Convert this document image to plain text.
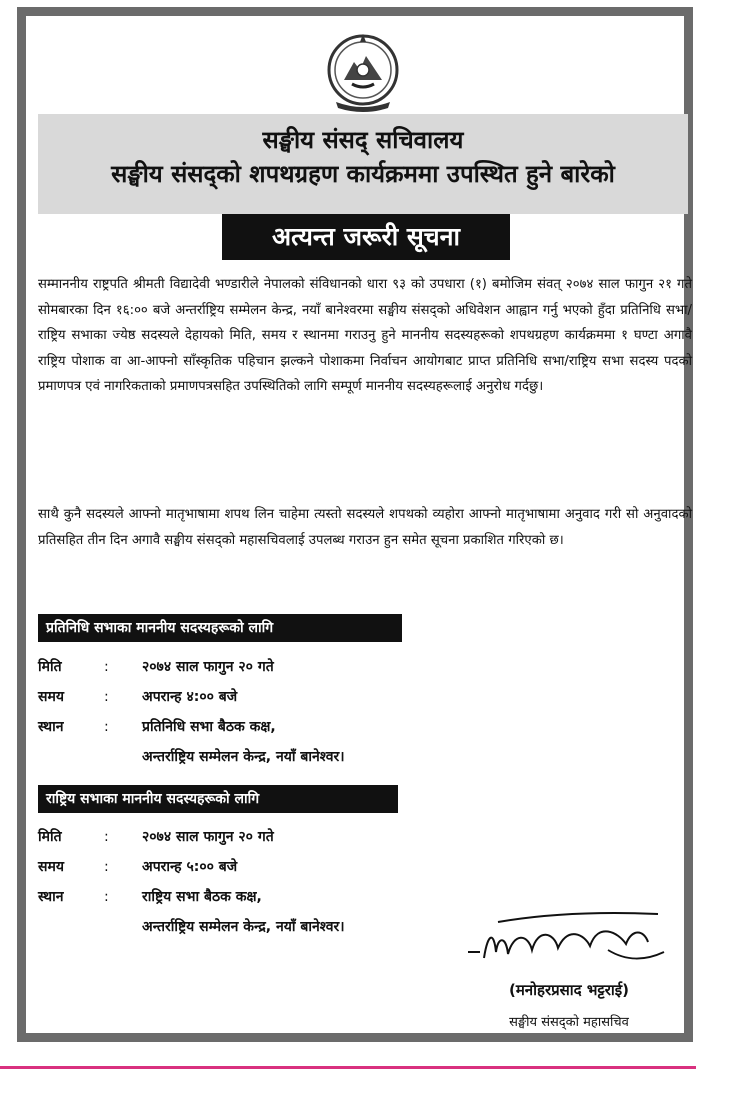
सङ्घीय संसद् सचिवालय
सङ्घीय संसद्को शपथग्रहण कार्यक्रममा उपस्थित हुने बारेको
अत्यन्त जरूरी सूचना

सम्माननीय राष्ट्रपति श्रीमती विद्यादेवी भण्डारीले नेपालको संविधानको धारा ९३ को उपधारा (१) बमोजिम संवत् २०७४ साल फागुन २१ गते सोमबारका दिन १६:०० बजे अन्तर्राष्ट्रिय सम्मेलन केन्द्र, नयाँ बानेश्वरमा सङ्घीय संसद्को अधिवेशन आह्वान गर्नु भएको हुँदा प्रतिनिधि सभा/राष्ट्रिय सभाका ज्येष्ठ सदस्यले देहायको मिति, समय र स्थानमा गराउनु हुने माननीय सदस्यहरूको शपथग्रहण कार्यक्रममा १ घण्टा अगावै राष्ट्रिय पोशाक वा आ-आफ्नो साँस्कृतिक पहिचान झल्कने पोशाकमा निर्वाचन आयोगबाट प्राप्त प्रतिनिधि सभा/राष्ट्रिय सभा सदस्य पदको प्रमाणपत्र एवं नागरिकताको प्रमाणपत्रसहित उपस्थितिको लागि सम्पूर्ण माननीय सदस्यहरूलाई अनुरोध गर्दछु।

साथै कुनै सदस्यले आफ्नो मातृभाषामा शपथ लिन चाहेमा त्यस्तो सदस्यले शपथको व्यहोरा आफ्नो मातृभाषामा अनुवाद गरी सो अनुवादको प्रतिसहित तीन दिन अगावै सङ्घीय संसद्को महासचिवलाई उपलब्ध गराउन हुन समेत सूचना प्रकाशित गरिएको छ।

प्रतिनिधि सभाका माननीय सदस्यहरूको लागि
मिति	: २०७४ साल फागुन २० गते
समय	: अपरान्ह ४:०० बजे
स्थान	: प्रतिनिधि सभा बैठक कक्ष,
अन्तर्राष्ट्रिय सम्मेलन केन्द्र, नयाँ बानेश्वर।
राष्ट्रिय सभाका माननीय सदस्यहरूको लागि
मिति	: २०७४ साल फागुन २० गते
समय	: अपरान्ह ५:०० बजे
स्थान	: राष्ट्रिय सभा बैठक कक्ष,
अन्तर्राष्ट्रिय सम्मेलन केन्द्र, नयाँ बानेश्वर।
(मनोहरप्रसाद भट्टराई)
सङ्घीय संसद्को महासचिव
